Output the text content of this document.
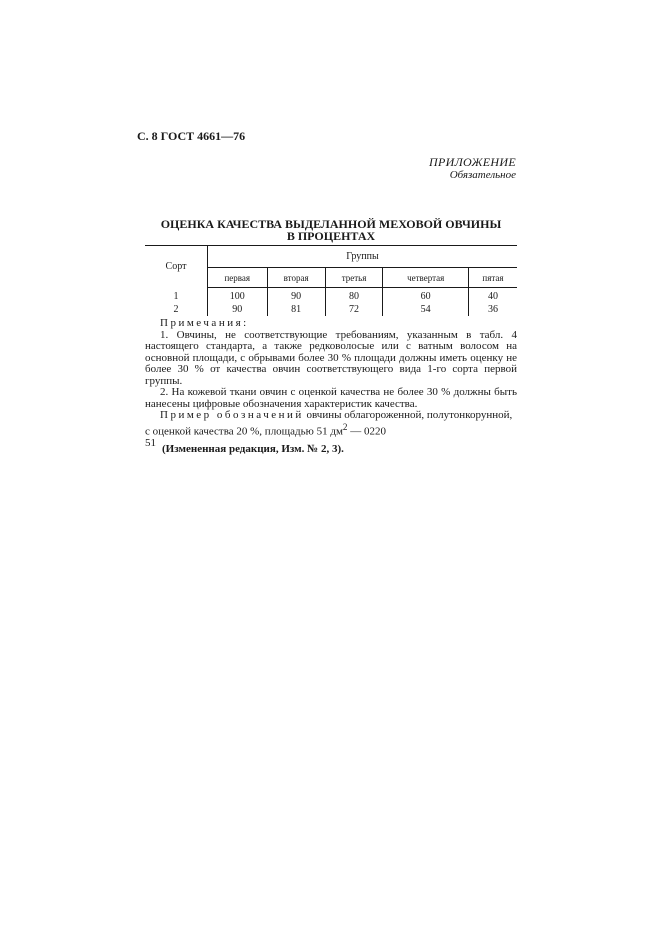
С. 8 ГОСТ 4661—76
ПРИЛОЖЕНИЕ
Обязательное
ОЦЕНКА КАЧЕСТВА ВЫДЕЛАННОЙ МЕХОВОЙ ОВЧИНЫ
В ПРОЦЕНТАХ
Сорт	Группы				
	первая	вторая	третья	четвертая	пятая
1	100	90	80	60	40
2	90	81	72	54	36

Примечания:

1. Овчины, не соответствующие требованиям, указанным в табл. 4 настоящего стандарта, а также редковолосые или с ватным волосом на основной площади, с обрывами более 30 % площади должны иметь оценку не более 30 % от качества овчин соответствующего вида 1-го сорта первой группы.

2. На кожевой ткани овчин с оценкой качества не более 30 % должны быть нанесены цифровые обозначения характеристик качества.

Пример обозначений овчины облагороженной, полутонкорунной, с оценкой качества 20 %, площадью 51 $дм^2$ — 0220

51

(Измененная редакция, Изм. № 2, 3).
